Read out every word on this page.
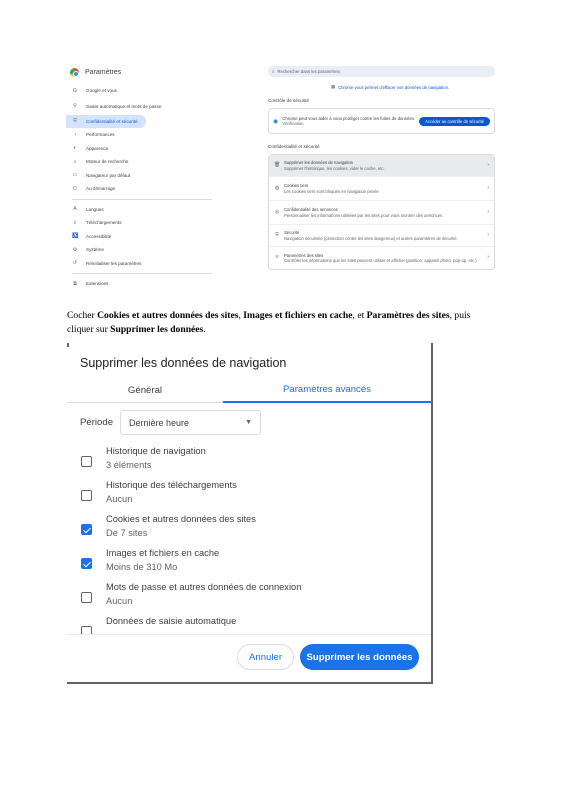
Paramètres
G Google et vous
⚲ Saisie automatique et mots de passe
⛨ Confidentialité et sécurité
◔	Performances
◐	Apparence
⌕	Moteur de recherche
▭ Navigateur par défaut
⏻ Au démarrage
A Langues
⇩ Téléchargements
♿ Accessibilité
⚙ Système
↺ Réinitialiser les paramètres
⧉ Extensions
⌕ Rechercher dans les paramètres
▦ Chrome vous permet d'effacer vos données de navigation.
Contrôle de sécurité
◉
Chrome peut vous aider à vous protéger contre les fuites de données
Vérification	Accéder au contrôle de sécurité
Confidentialité et sécurité
🗑 Supprimer les données de navigation
Supprimer l'historique, les cookies, vider le cache, etc.
›
◍ Cookies tiers
Les cookies tiers sont bloqués en navigation privée
›
◎ Confidentialité des annonces
Personnaliser les informations utilisées par les sites pour vous montrer des annonces
›
⛨ Sécurité
Navigation sécurisée (protection contre les sites dangereux) et autres paramètres de sécurité
›
≡	Paramètres des sites
Contrôler les informations que les sites peuvent utiliser et afficher (position, appareil photo, pop-up, etc.)
›

Cocher Cookies et autres données des sites, Images et fichiers en cache, et Paramètres des sites, puis cliquer sur Supprimer les données.

Supprimer les données de navigation
Général	Paramètres avancés
Période Dernière heure	▼
Historique de navigation
3 éléments
Historique des téléchargements
Aucun
Cookies et autres données des sites
De 7 sites
Images et fichiers en cache
Moins de 310 Mo
Mots de passe et autres données de connexion
Aucun
Données de saisie automatique
Annuler	Supprimer les données
